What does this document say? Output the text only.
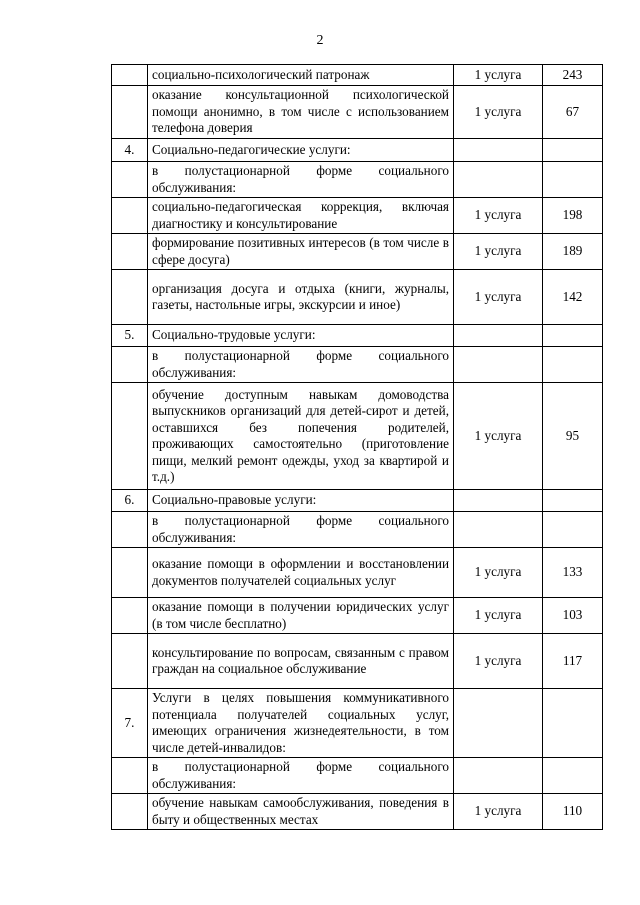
2
	социально-психологический патронаж	1 услуга	243
	оказание консультационной психологической помощи анонимно, в том числе с использованием телефона доверия	1 услуга	67
4.	Социально-педагогические услуги:		
	в полустационарной форме социального обслуживания:		
	социально-педагогическая коррекция, включая диагностику и консультирование	1 услуга	198
	формирование позитивных интересов (в том числе в сфере досуга)	1 услуга	189
	организация досуга и отдыха (книги, журналы, газеты, настольные игры, экскурсии и иное)	1 услуга	142
5.	Социально-трудовые услуги:		
	в полустационарной форме социального обслуживания:		
	обучение доступным навыкам домоводства выпускников организаций для детей-сирот и детей, оставшихся без попечения родителей, проживающих самостоятельно (приготовление пищи, мелкий ремонт одежды, уход за квартирой и т.д.)	1 услуга	95
6.	Социально-правовые услуги:		
	в полустационарной форме социального обслуживания:		
	оказание помощи в оформлении и восстановлении документов получателей социальных услуг	1 услуга	133
	оказание помощи в получении юридических услуг (в том числе бесплатно)	1 услуга	103
	консультирование по вопросам, связанным с правом граждан на социальное обслуживание	1 услуга	117
7.	Услуги в целях повышения коммуникативного потенциала получателей социальных услуг, имеющих ограничения жизнедеятельности, в том числе детей-инвалидов:		
	в полустационарной форме социального обслуживания:		
	обучение навыкам самообслуживания, поведения в быту и общественных местах	1 услуга	110
